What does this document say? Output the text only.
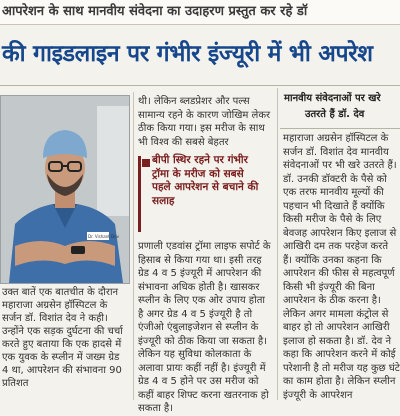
आपरेशन के साथ मानवीय संवेदना का उदाहरण प्रस्तुत कर रहे डॉ
की गाइडलाइन पर गंभीर इंज्यूरी में भी अपरेश
Dr. Vishant Dev
उक्त बातें एक बातचीत के दौरान महाराजा अग्रसेन हॉस्पिटल के सर्जन डॉ. विशांत देव ने कही। उन्होंने एक सड़क दुर्घटना की चर्चा करते हुए बताया कि एक हादसे में एक युवक के स्प्लीन में जख्म ग्रेड 4 था, आपरेशन की संभावना 90 प्रतिशत
थी। लेकिन ब्लडप्रेशर और पल्स सामान्य रहने के कारण जोखिम लेकर ठीक किया गया। इस मरीज के साथ भी विश्व की सबसे बेहतर

बीपी स्थिर रहने पर गंभीर ट्रॉमा के मरीज को सबसे पहले आपरेशन से बचाने की सलाह

प्रणाली एडवांस ट्रॉमा लाइफ सपोर्ट के हिसाब से किया गया था। इसी तरह ग्रेड 4 व 5 इंज्यूरी में आपरेशन की संभावना अधिक होती है। खासकर स्प्लीन के लिए एक ओर उपाय होता है अगर ग्रेड 4 व 5 इंज्यूरी है तो एंजीओ एंबुलाइजेशन से स्प्लीन के इंज्यूरी को ठीक किया जा सकता है। लेकिन यह सुविधा कोलकाता के अलावा प्रायः कहीं नहीं है। इंज्यूरी में ग्रेड 4 व 5 होने पर उस मरीज को कहीं बाहर शिफ्ट करना खतरनाक हो सकता है।
मानवीय संवेदनाओं पर खरे
उतरते हैं डॉ. देव
महाराजा अग्रसेन हॉस्पिटल के सर्जन डॉ. विशांत देव मानवीय संवेदनाओं पर भी खरे उतरते हैं। डॉ. उनकी डॉक्टरी के पैसे को एक तरफ मानवीय मूल्यों की पहचान भी दिखाते हैं क्योंकि किसी मरीज के पैसे के लिए बेवजह आपरेशन किए इलाज से आखिरी दम तक परहेज करते हैं। क्योंकि उनका कहना कि आपरेशन की फीस से महत्वपूर्ण किसी भी इंज्यूरी की बिना आपरेशन के ठीक करना है। लेकिन अगर मामला कंट्रोल से बाहर हो तो आपरेशन आखिरी इलाज हो सकता है। डॉ. देव ने कहा कि आपरेशन करने में कोई परेशानी है तो मरीज यह कुछ घंटे का काम होता है। लेकिन स्प्लीन इंज्यूरी के आपरेशन
